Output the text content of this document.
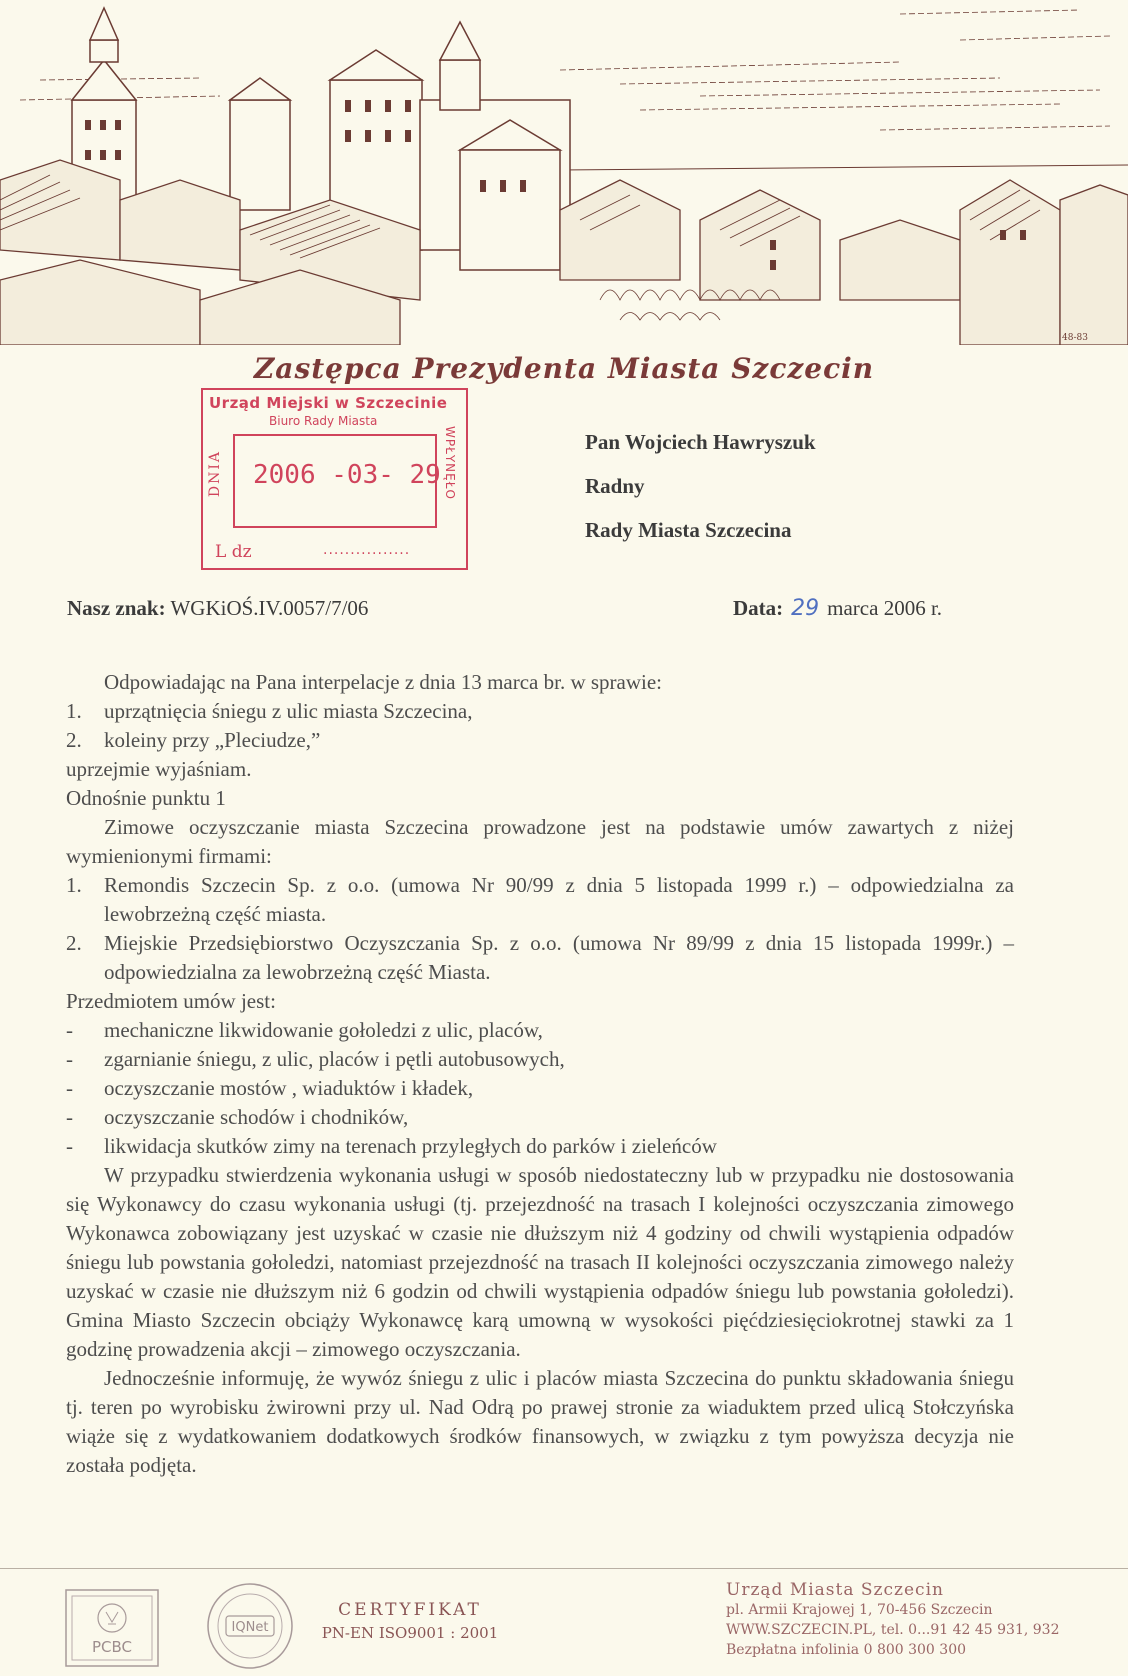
48-83
Zastępca Prezydenta Miasta Szczecin
Urząd Miejski w Szczecinie
Biuro Rady Miasta
DNIA 2006 -03- 29 WPŁYNĘŁO
L dz	................
Pan Wojciech Hawryszuk
Radny
Rady Miasta Szczecina
Nasz znak: WGKiOŚ.IV.0057/7/06	Data: 29 marca 2006 r.

Odpowiadając na Pana interpelacje z dnia 13 marca br. w sprawie:

1. uprzątnięcia śniegu z ulic miasta Szczecina,

2. koleiny przy „Pleciudze,”

uprzejmie wyjaśniam.

Odnośnie punktu 1

Zimowe oczyszczanie miasta Szczecina prowadzone jest na podstawie umów zawartych z niżej wymienionymi firmami:

1. Remondis Szczecin Sp. z o.o. (umowa Nr 90/99 z dnia 5 listopada 1999 r.) – odpowiedzialna za lewobrzeżną część miasta.

2. Miejskie Przedsiębiorstwo Oczyszczania Sp. z o.o. (umowa Nr 89/99 z dnia 15 listopada 1999r.) – odpowiedzialna za lewobrzeżną część Miasta.

Przedmiotem umów jest:

- mechaniczne likwidowanie gołoledzi z ulic, placów,

- zgarnianie śniegu, z ulic, placów i pętli autobusowych,

- oczyszczanie mostów , wiaduktów i kładek,

- oczyszczanie schodów i chodników,

- likwidacja skutków zimy na terenach przyległych do parków i zieleńców

W przypadku stwierdzenia wykonania usługi w sposób niedostateczny lub w przypadku nie dostosowania się Wykonawcy do czasu wykonania usługi (tj. przejezdność na trasach I kolejności oczyszczania zimowego Wykonawca zobowiązany jest uzyskać w czasie nie dłuższym niż 4 godziny od chwili wystąpienia odpadów śniegu lub powstania gołoledzi, natomiast przejezdność na trasach II kolejności oczyszczania zimowego należy uzyskać w czasie nie dłuższym niż 6 godzin od chwili wystąpienia odpadów śniegu lub powstania gołoledzi). Gmina Miasto Szczecin obciąży Wykonawcę karą umowną w wysokości pięćdziesięciokrotnej stawki za 1 godzinę prowadzenia akcji – zimowego oczyszczania.

Jednocześnie informuję, że wywóz śniegu z ulic i placów miasta Szczecina do punktu składowania śniegu tj. teren po wyrobisku żwirowni przy ul. Nad Odrą po prawej stronie za wiaduktem przed ulicą Stołczyńska wiąże się z wydatkowaniem dodatkowych środków finansowych, w związku z tym powyższa decyzja nie została podjęta.

PCBC
IQNet
CERTYFIKAT
PN-EN ISO9001 : 2001
Urząd Miasta Szczecin
pl. Armii Krajowej 1, 70-456 Szczecin
WWW.SZCZECIN.PL, tel. 0...91 42 45 931, 932
Bezpłatna infolinia 0 800 300 300
